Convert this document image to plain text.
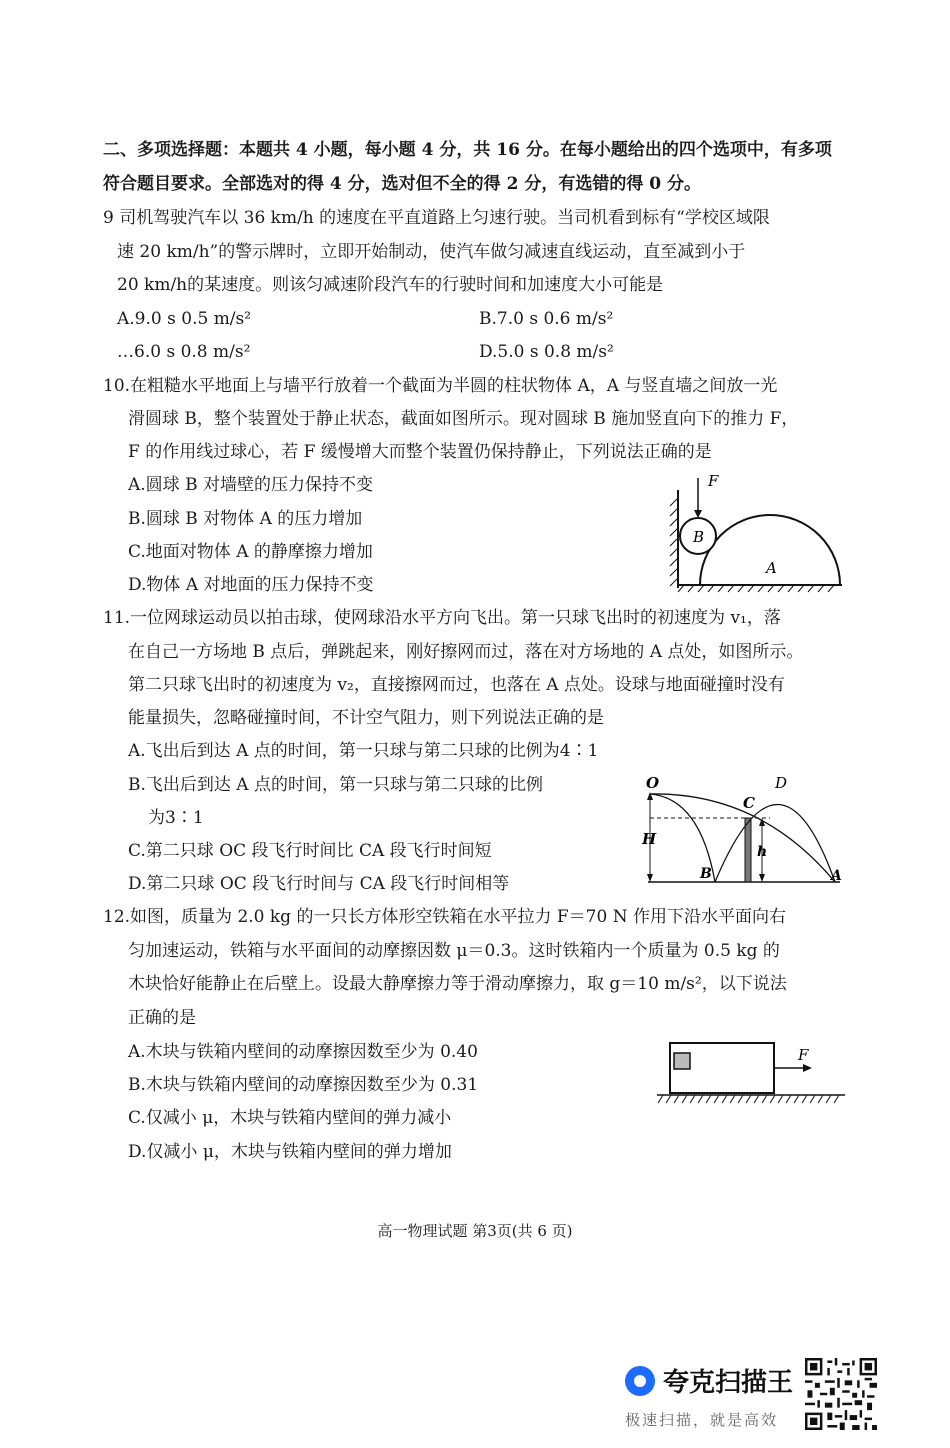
二、多项选择题：本题共 4 小题，每小题 4 分，共 16 分。在每小题给出的四个选项中，有多项
符合题目要求。全部选对的得 4 分，选对但不全的得 2 分，有选错的得 0 分。
9 司机驾驶汽车以 36 km/h 的速度在平直道路上匀速行驶。当司机看到标有“学校区域限
速 20 km/h”的警示牌时，立即开始制动，使汽车做匀减速直线运动，直至减到小于
20 km/h的某速度。则该匀减速阶段汽车的行驶时间和加速度大小可能是
A.9.0 s 0.5 m/s²	B.7.0 s 0.6 m/s²
…6.0 s 0.8 m/s²	D.5.0 s 0.8 m/s²
10.在粗糙水平地面上与墙平行放着一个截面为半圆的柱状物体 A，A 与竖直墙之间放一光
滑圆球 B，整个装置处于静止状态，截面如图所示。现对圆球 B 施加竖直向下的推力 F，
F 的作用线过球心，若 F 缓慢增大而整个装置仍保持静止，下列说法正确的是
A.圆球 B 对墙壁的压力保持不变
B.圆球 B 对物体 A 的压力增加
C.地面对物体 A 的静摩擦力增加
D.物体 A 对地面的压力保持不变
F
B
A
11.一位网球运动员以拍击球，使网球沿水平方向飞出。第一只球飞出时的初速度为 v₁，落
在自己一方场地 B 点后，弹跳起来，刚好擦网而过，落在对方场地的 A 点处，如图所示。
第二只球飞出时的初速度为 v₂，直接擦网而过，也落在 A 点处。设球与地面碰撞时没有
能量损失，忽略碰撞时间，不计空气阻力，则下列说法正确的是
A.飞出后到达 A 点的时间，第一只球与第二只球的比例为4∶1
B.飞出后到达 A 点的时间，第一只球与第二只球的比例
为3∶1
C.第二只球 OC 段飞行时间比 CA 段飞行时间短
D.第二只球 OC 段飞行时间与 CA 段飞行时间相等
O	D
C
H
h
B	A
12.如图，质量为 2.0 kg 的一只长方体形空铁箱在水平拉力 F＝70 N 作用下沿水平面向右
匀加速运动，铁箱与水平面间的动摩擦因数 μ＝0.3。这时铁箱内一个质量为 0.5 kg 的
木块恰好能静止在后壁上。设最大静摩擦力等于滑动摩擦力，取 g＝10 m/s²，以下说法
正确的是
A.木块与铁箱内壁间的动摩擦因数至少为 0.40
B.木块与铁箱内壁间的动摩擦因数至少为 0.31
C.仅减小 μ，木块与铁箱内壁间的弹力减小
D.仅减小 μ，木块与铁箱内壁间的弹力增加
F
高一物理试题 第3页(共 6 页)
夸克扫描王
极速扫描，就是高效
